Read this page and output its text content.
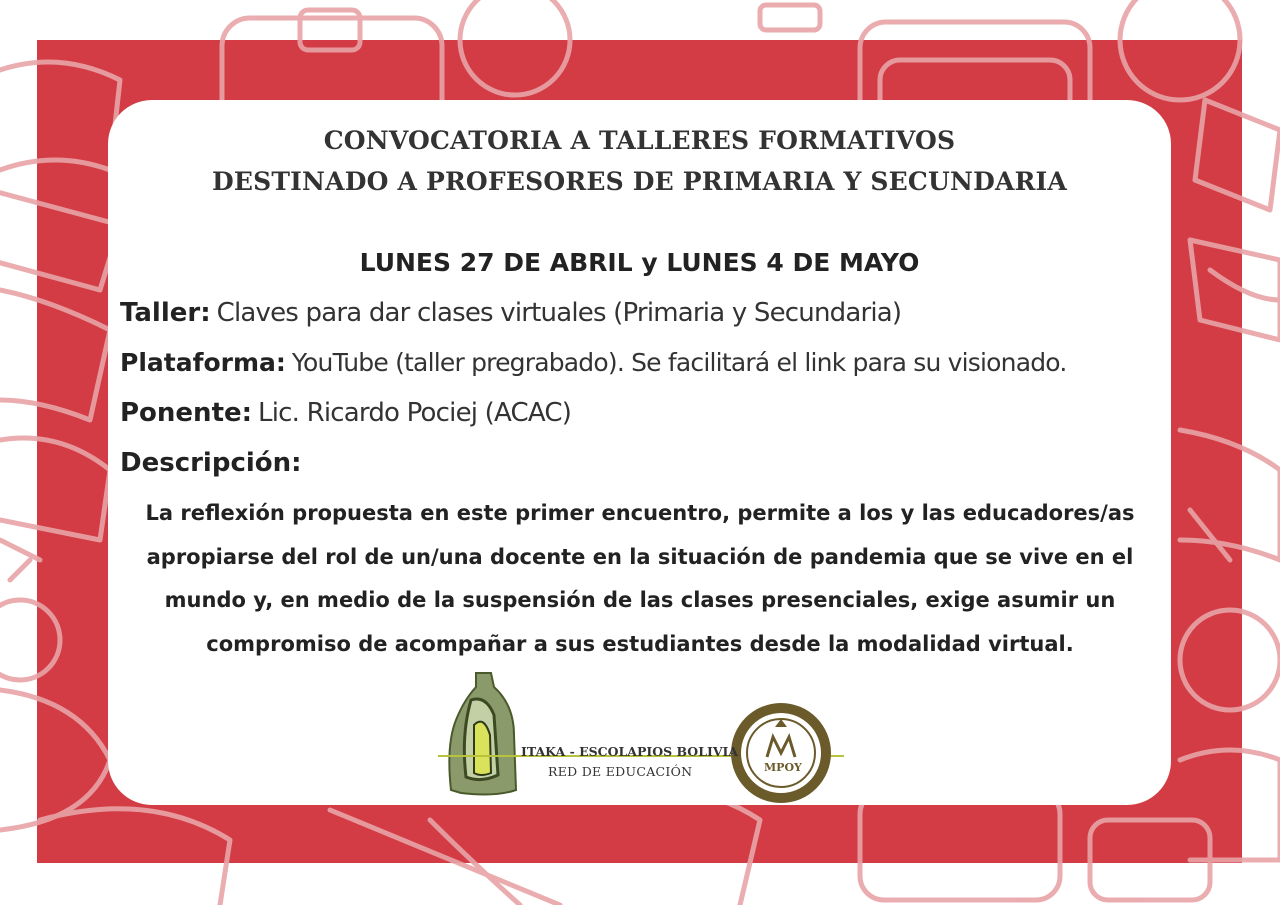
CONVOCATORIA A TALLERES FORMATIVOS
DESTINADO A PROFESORES DE PRIMARIA Y SECUNDARIA
LUNES 27 DE ABRIL y LUNES 4 DE MAYO
Taller: Claves para dar clases virtuales (Primaria y Secundaria)
Plataforma: YouTube (taller pregrabado). Se facilitará el link para su visionado.
Ponente: Lic. Ricardo Pociej (ACAC)
Descripción:
La reflexión propuesta en este primer encuentro, permite a los y las educadores/as
apropiarse del rol de un/una docente en la situación de pandemia que se vive en el
mundo y, en medio de la suspensión de las clases presenciales, exige asumir un
compromiso de acompañar a sus estudiantes desde la modalidad virtual.
ITAKA - ESCOLAPIOS BOLIVIA
RED DE EDUCACIÓN	MPOY
